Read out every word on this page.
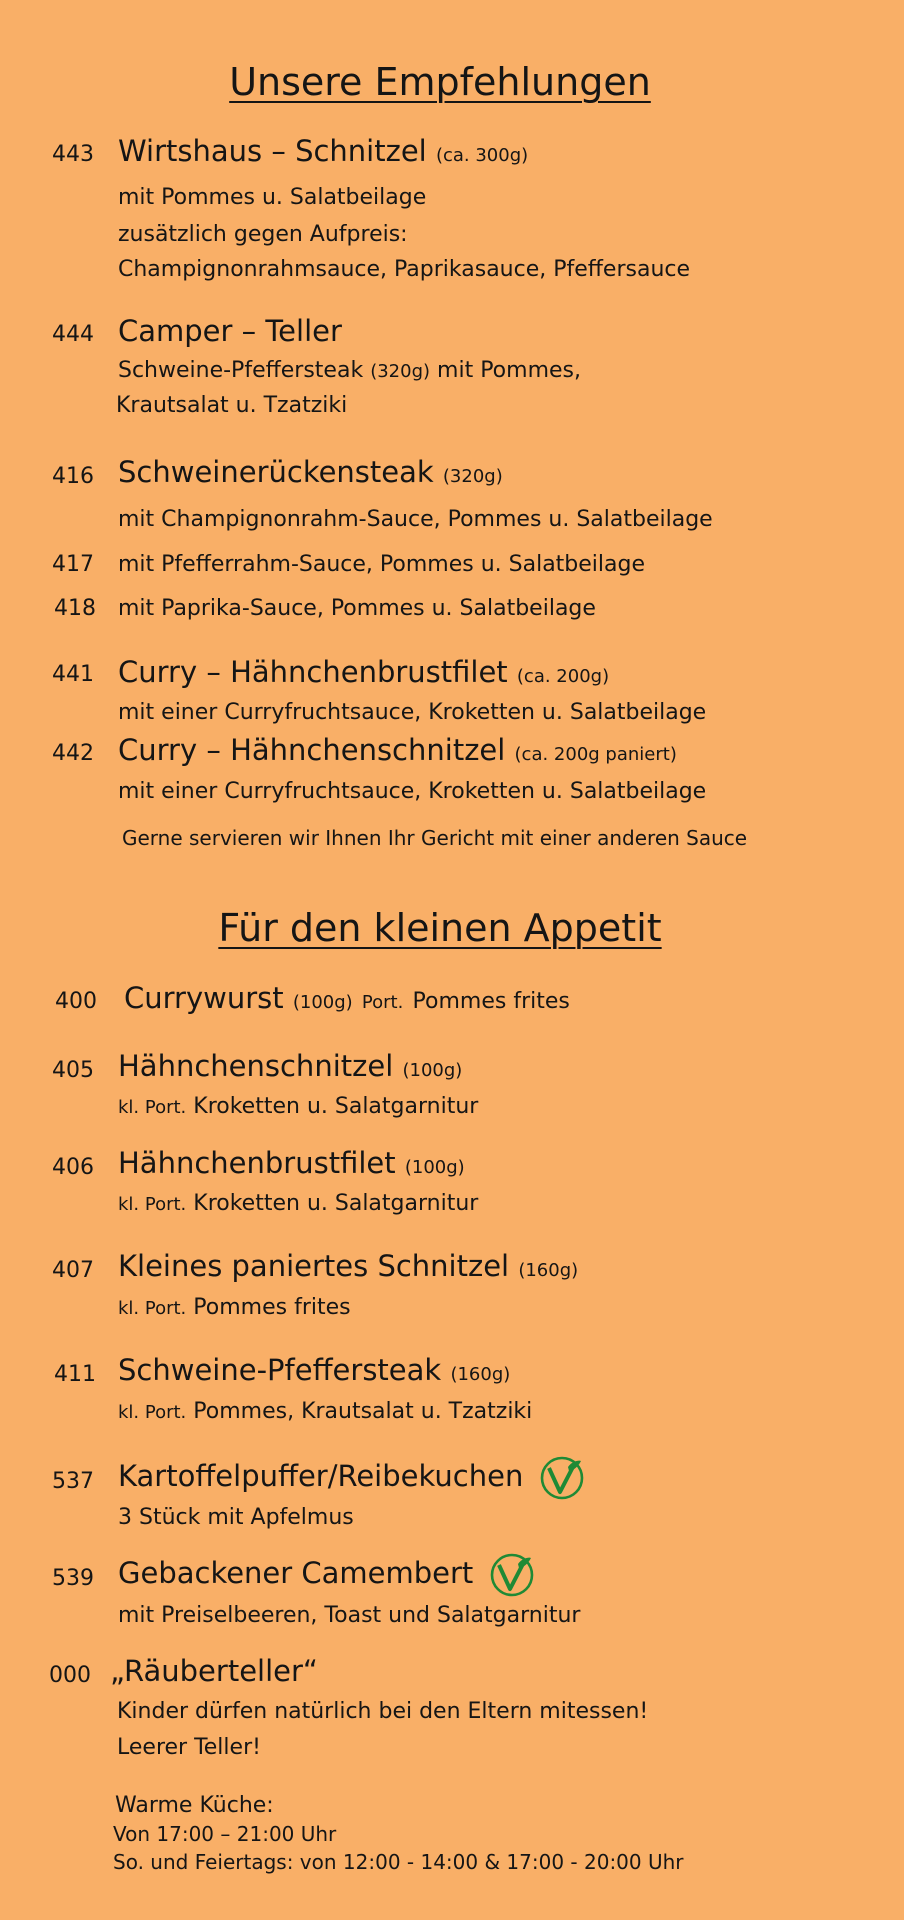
Unsere Empfehlungen
443 Wirtshaus – Schnitzel (ca. 300g)
mit Pommes u. Salatbeilage
zusätzlich gegen Aufpreis:
Champignonrahmsauce, Paprikasauce, Pfeffersauce
444 Camper – Teller
Schweine-Pfeffersteak (320g) mit Pommes,
Krautsalat u. Tzatziki
416 Schweinerückensteak (320g)
mit Champignonrahm-Sauce, Pommes u. Salatbeilage
417 mit Pfefferrahm-Sauce, Pommes u. Salatbeilage
418 mit Paprika-Sauce, Pommes u. Salatbeilage
441 Curry – Hähnchenbrustfilet (ca. 200g)
mit einer Curryfruchtsauce, Kroketten u. Salatbeilage
442 Curry – Hähnchenschnitzel (ca. 200g paniert)
mit einer Curryfruchtsauce, Kroketten u. Salatbeilage
Gerne servieren wir Ihnen Ihr Gericht mit einer anderen Sauce
Für den kleinen Appetit
400 Currywurst (100g) Port. Pommes frites
405 Hähnchenschnitzel (100g)
kl. Port. Kroketten u. Salatgarnitur
406 Hähnchenbrustfilet (100g)
kl. Port. Kroketten u. Salatgarnitur
407 Kleines paniertes Schnitzel (160g)
kl. Port. Pommes frites
411 Schweine-Pfeffersteak (160g)
kl. Port. Pommes, Krautsalat u. Tzatziki
537 Kartoffelpuffer/Reibekuchen
3 Stück mit Apfelmus
539 Gebackener Camembert
mit Preiselbeeren, Toast und Salatgarnitur
000 „Räuberteller“
Kinder dürfen natürlich bei den Eltern mitessen!
Leerer Teller!
Warme Küche:
Von 17:00 – 21:00 Uhr
So. und Feiertags: von 12:00 - 14:00 & 17:00 - 20:00 Uhr
